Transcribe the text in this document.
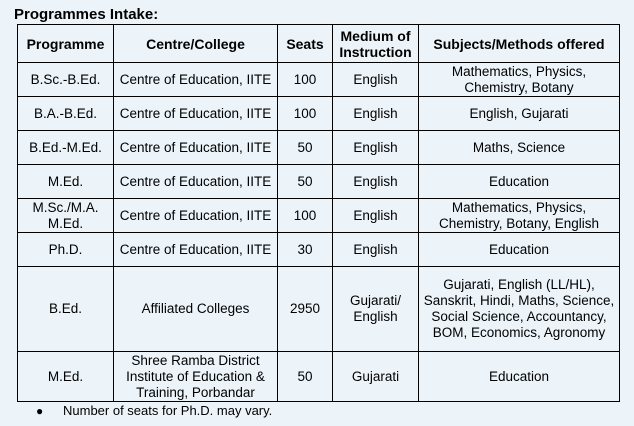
Programmes Intake:
Programme	Centre/College	Seats	Medium of Instruction	Subjects/Methods offered
B.Sc.-B.Ed.	Centre of Education, IITE	100	English	Mathematics, Physics, Chemistry, Botany
B.A.-B.Ed.	Centre of Education, IITE	100	English	English, Gujarati
B.Ed.-M.Ed.	Centre of Education, IITE	50	English	Maths, Science
M.Ed.	Centre of Education, IITE	50	English	Education
M.Sc./M.A. M.Ed.	Centre of Education, IITE	100	English	Mathematics, Physics, Chemistry, Botany, English
Ph.D.	Centre of Education, IITE	30	English	Education
B.Ed.	Affiliated Colleges	2950	Gujarati/ English	Gujarati, English (LL/HL), Sanskrit, Hindi, Maths, Science, Social Science, Accountancy, BOM, Economics, Agronomy
M.Ed.	Shree Ramba District Institute of Education & Training, Porbandar	50	Gujarati	Education
● Number of seats for Ph.D. may vary.
